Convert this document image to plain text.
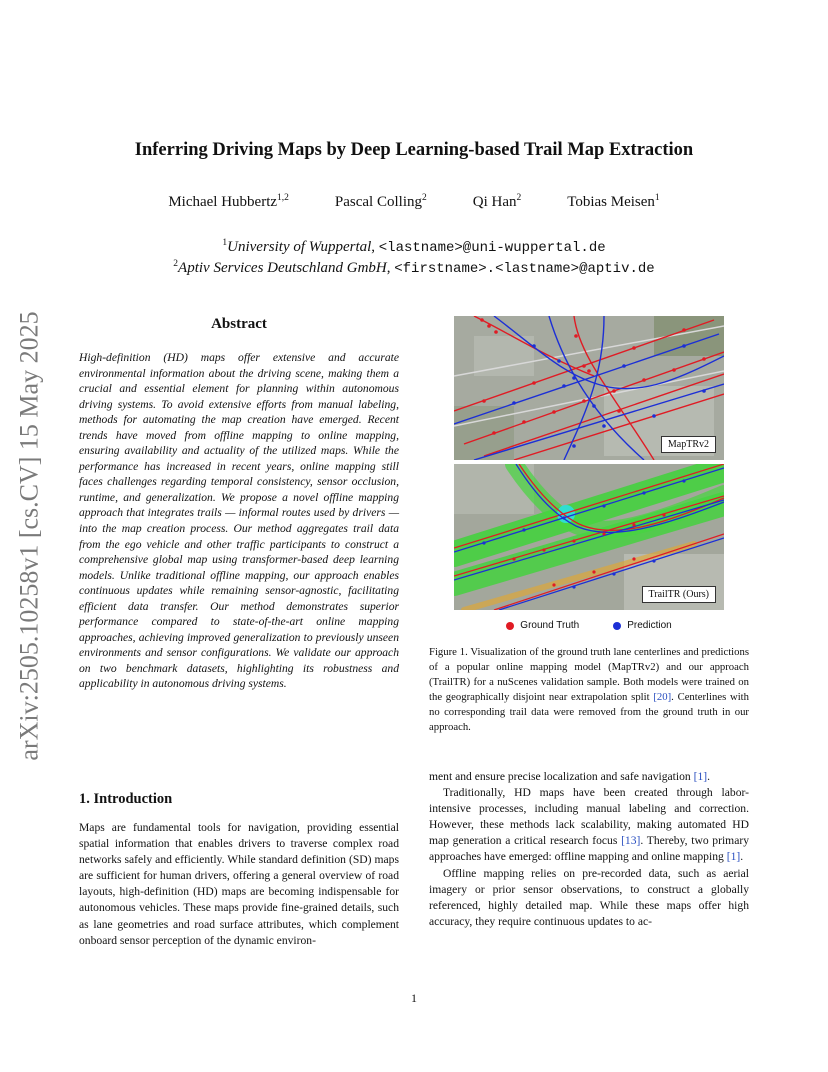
arXiv:2505.10258v1 [cs.CV] 15 May 2025
Inferring Driving Maps by Deep Learning-based Trail Map Extraction
Michael Hubbertz$^{1,2}$	Pascal Colling$^2$	Qi Han$^2$	Tobias Meisen$^1$
$^1$University of Wuppertal, <lastname>@uni-wuppertal.de
$^2$Aptiv Services Deutschland GmbH, <firstname>.<lastname>@aptiv.de
Abstract
High-definition (HD) maps offer extensive and accurate environmental information about the driving scene, making them a crucial and essential element for planning within autonomous driving systems. To avoid extensive efforts from manual labeling, methods for automating the map creation have emerged. Recent trends have moved from offline mapping to online mapping, ensuring availability and actuality of the utilized maps. While the performance has increased in recent years, online mapping still faces challenges regarding temporal consistency, sensor occlusion, runtime, and generalization. We propose a novel offline mapping approach that integrates trails — informal routes used by drivers — into the map creation process. Our method aggregates trail data from the ego vehicle and other traffic participants to construct a comprehensive global map using transformer-based deep learning models. Unlike traditional offline mapping, our approach enables continuous updates while remaining sensor-agnostic, facilitating efficient data transfer. Our method demonstrates superior performance compared to state-of-the-art online mapping approaches, achieving improved generalization to previously unseen environments and sensor configurations. We validate our approach on two benchmark datasets, highlighting its robustness and applicability in autonomous driving systems.
1. Introduction

Maps are fundamental tools for navigation, providing essential spatial information that enables drivers to traverse complex road networks safely and efficiently. While standard definition (SD) maps are sufficient for human drivers, offering a general overview of road layouts, high-definition (HD) maps are becoming indispensable for autonomous vehicles. These maps provide fine-grained details, such as lane geometries and road surface attributes, which complement onboard sensor perception of the dynamic environ-

MapTRv2
TrailTR (Ours)
Ground Truth	Prediction
Figure 1. Visualization of the ground truth lane centerlines and predictions of a popular online mapping model (MapTRv2) and our approach (TrailTR) for a nuScenes validation sample. Both models were trained on the geographically disjoint near extrapolation split [20]. Centerlines with no corresponding trail data were removed from the ground truth in our approach.

ment and ensure precise localization and safe navigation [1].

Traditionally, HD maps have been created through labor-intensive processes, including manual labeling and correction. However, these methods lack scalability, making automated HD map generation a critical research focus [13]. Thereby, two primary approaches have emerged: offline mapping and online mapping [1].

Offline mapping relies on pre-recorded data, such as aerial imagery or prior sensor observations, to construct a globally referenced, highly detailed map. While these maps offer high accuracy, they require continuous updates to ac-

1
